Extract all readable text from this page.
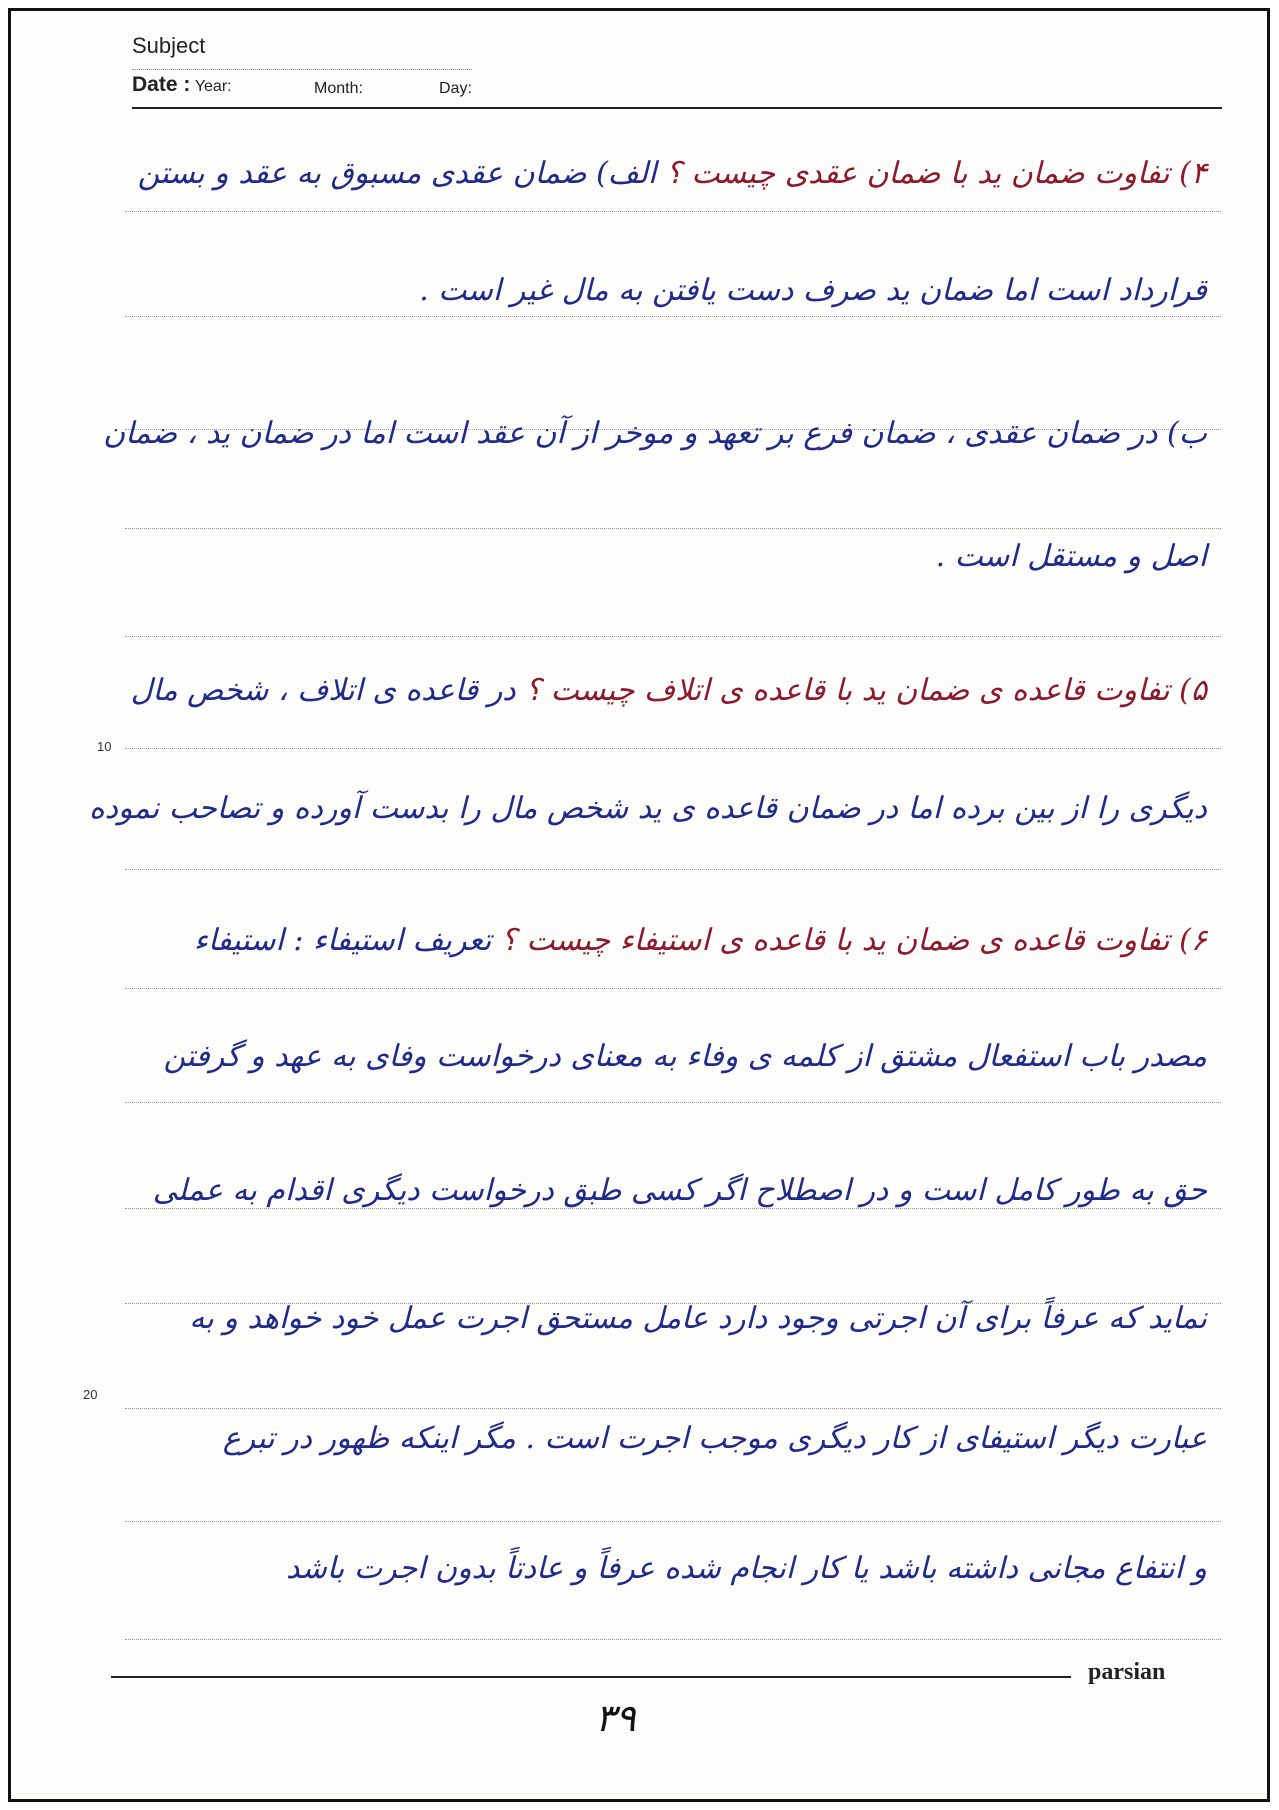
Subject
Date : Year:	Month:	Day:
10
20
۴) تفاوت ضمان ید با ضمان عقدی چیست ؟ الف) ضمان عقدی مسبوق به عقد و بستن
قرارداد است اما ضمان ید صرف دست یافتن به مال غیر است .
ب) در ضمان عقدی ، ضمان فرع بر تعهد و موخر از آن عقد است اما در ضمان ید ، ضمان
اصل و مستقل است .
۵) تفاوت قاعده ی ضمان ید با قاعده ی اتلاف چیست ؟ در قاعده ی اتلاف ، شخص مال
دیگری را از بین برده اما در ضمان قاعده ی ید شخص مال را بدست آورده و تصاحب نموده
۶) تفاوت قاعده ی ضمان ید با قاعده ی استیفاء چیست ؟ تعریف استیفاء : استیفاء
مصدر باب استفعال مشتق از کلمه ی وفاء به معنای درخواست وفای به عهد و گرفتن
حق به طور کامل است و در اصطلاح اگر کسی طبق درخواست دیگری اقدام به عملی
نماید که عرفاً برای آن اجرتی وجود دارد عامل مستحق اجرت عمل خود خواهد و به
عبارت دیگر استیفای از کار دیگری موجب اجرت است . مگر اینکه ظهور در تبرع
و انتفاع مجانی داشته باشد یا کار انجام شده عرفاً و عادتاً بدون اجرت باشد
parsian
۳۹
